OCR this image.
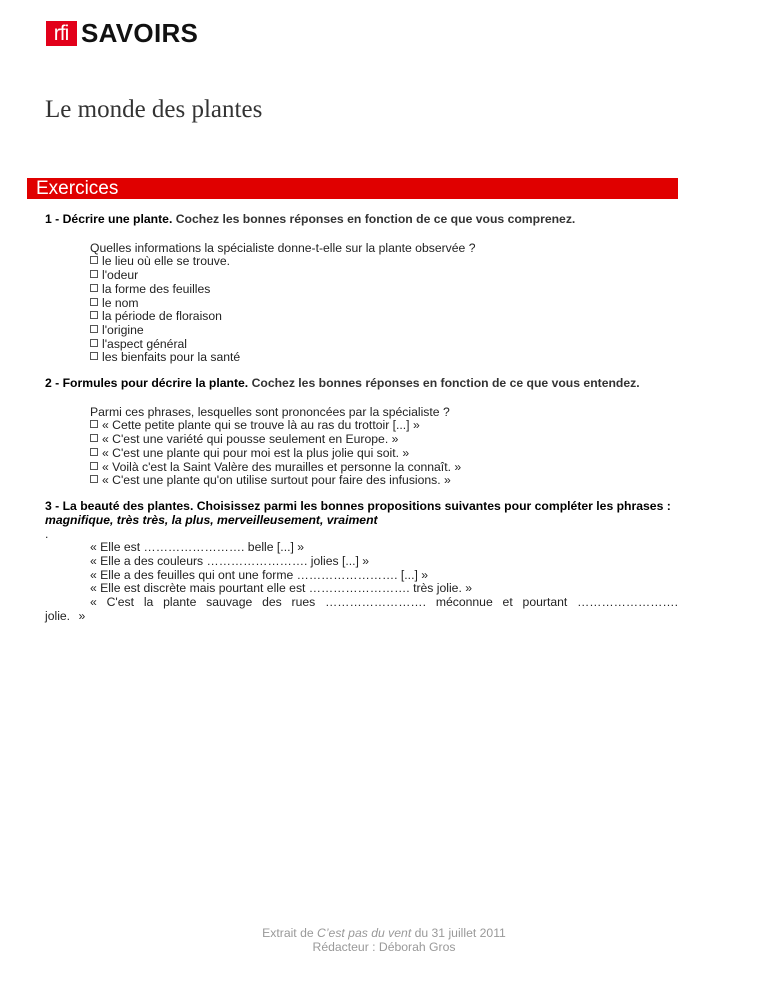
rfi SAVOIRS
Le monde des plantes
Exercices

1 - Décrire une plante. Cochez les bonnes réponses en fonction de ce que vous comprenez.

Quelles informations la spécialiste donne-t-elle sur la plante observée ?
le lieu où elle se trouve.
l'odeur
la forme des feuilles
le nom
la période de floraison
l'origine
l'aspect général
les bienfaits pour la santé

2 - Formules pour décrire la plante. Cochez les bonnes réponses en fonction de ce que vous entendez.

Parmi ces phrases, lesquelles sont prononcées par la spécialiste ?
« Cette petite plante qui se trouve là au ras du trottoir [...] »
« C'est une variété qui pousse seulement en Europe. »
« C'est une plante qui pour moi est la plus jolie qui soit. »
« Voilà c'est la Saint Valère des murailles et personne la connaît. »
« C'est une plante qu'on utilise surtout pour faire des infusions. »

3 - La beauté des plantes. Choisissez parmi les bonnes propositions suivantes pour compléter les phrases : magnifique, très très, la plus, merveilleusement, vraiment

.

« Elle est ……………………. belle [...] »
« Elle a des couleurs ……………………. jolies [...] »
« Elle a des feuilles qui ont une forme ……………………. [...] »
« Elle est discrète mais pourtant elle est ……………………. très jolie. »
« C'est la plante sauvage des rues ……………………. méconnue et pourtant ……………………. jolie. »
Extrait de C’est pas du vent du 31 juillet 2011
Rédacteur : Déborah Gros
